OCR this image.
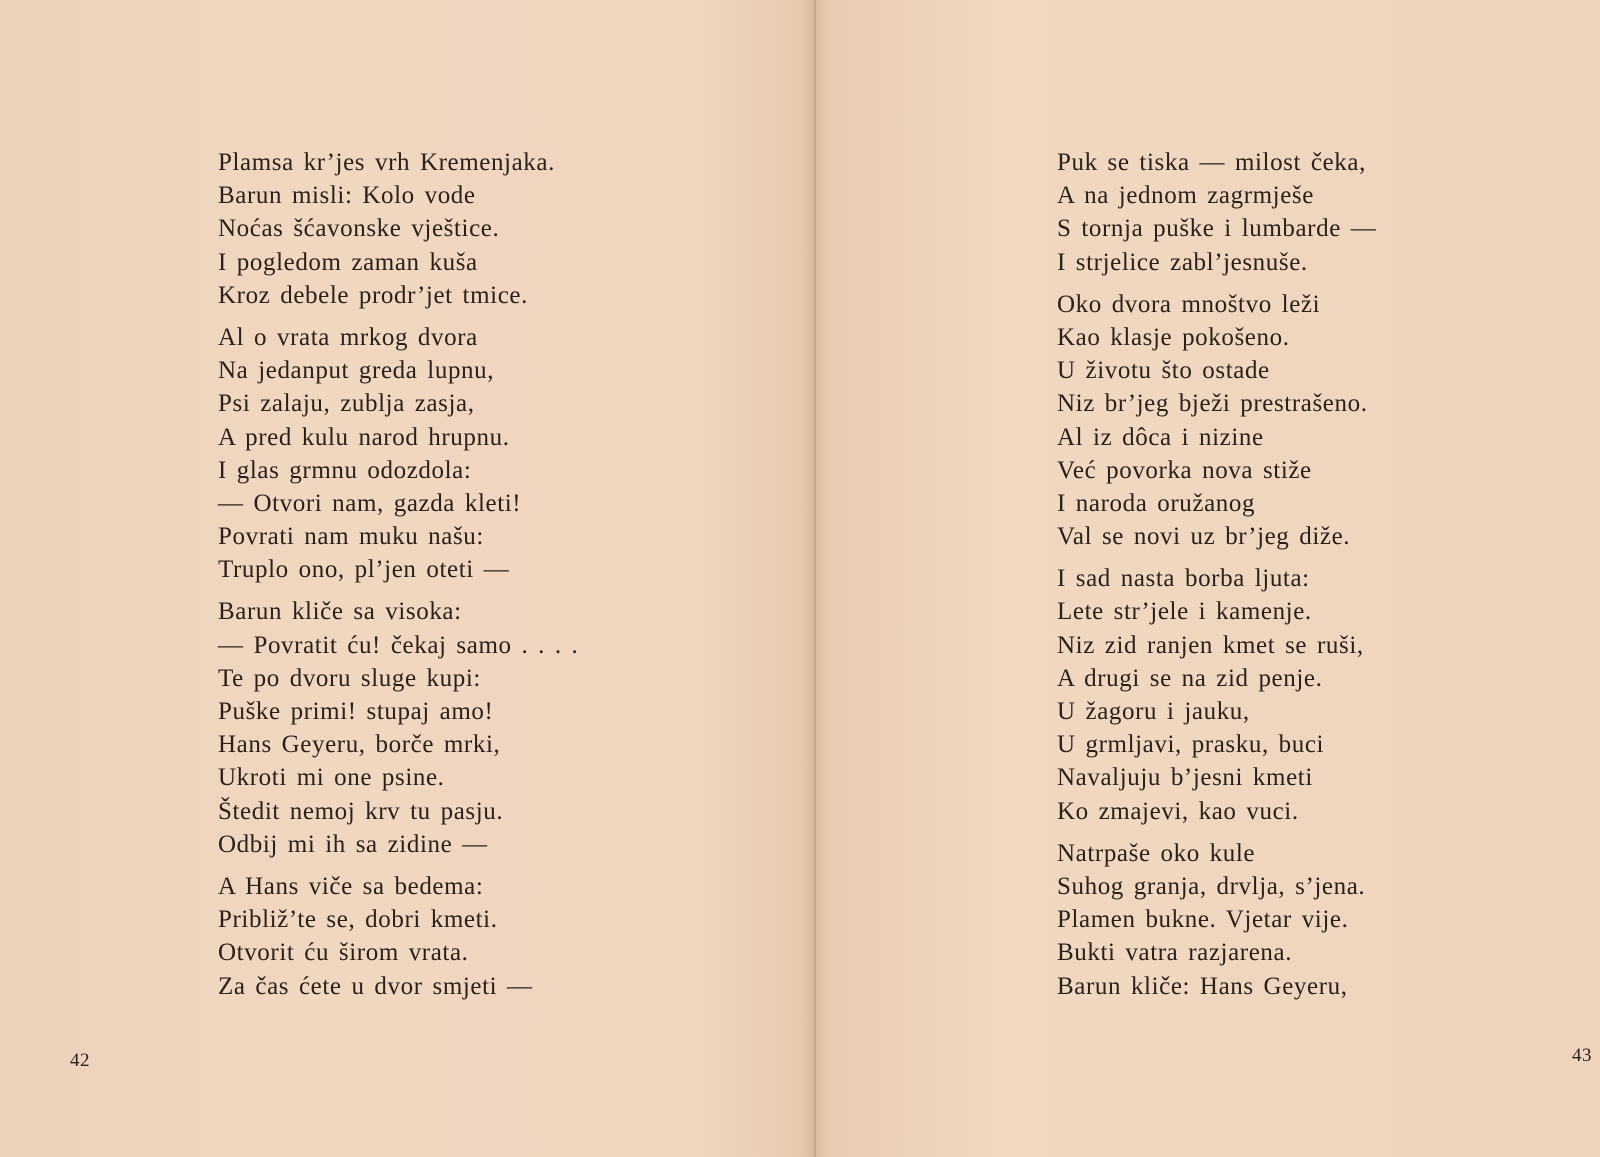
Plamsa kr’jes vrh Kremenjaka.
Barun misli: Kolo vode
Noćas šćavonske vještice.
I pogledom zaman kuša
Kroz debele prodr’jet tmice.
Al o vrata mrkog dvora
Na jedanput greda lupnu,
Psi zalaju, zublja zasja,
A pred kulu narod hrupnu.
I glas grmnu odozdola:
— Otvori nam, gazda kleti!
Povrati nam muku našu:
Truplo ono, pl’jen oteti —
Barun kliče sa visoka:
— Povratit ću! čekaj samo . . . .
Te po dvoru sluge kupi:
Puške primi! stupaj amo!
Hans Geyeru, borče mrki,
Ukroti mi one psine.
Štedit nemoj krv tu pasju.
Odbij mi ih sa zidine —
A Hans viče sa bedema:
Približ’te se, dobri kmeti.
Otvorit ću širom vrata.
Za čas ćete u dvor smjeti —
42
Puk se tiska — milost čeka,
A na jednom zagrmješe
S tornja puške i lumbarde —
I strjelice zabl’jesnuše.
Oko dvora mnoštvo leži
Kao klasje pokošeno.
U životu što ostade
Niz br’jeg bježi prestrašeno.
Al iz dôca i nizine
Već povorka nova stiže
I naroda oružanog
Val se novi uz br’jeg diže.
I sad nasta borba ljuta:
Lete str’jele i kamenje.
Niz zid ranjen kmet se ruši,
A drugi se na zid penje.
U žagoru i jauku,
U grmljavi, prasku, buci
Navaljuju b’jesni kmeti
Ko zmajevi, kao vuci.
Natrpaše oko kule
Suhog granja, drvlja, s’jena.
Plamen bukne. Vjetar vije.
Bukti vatra razjarena.
Barun kliče: Hans Geyeru,
43
